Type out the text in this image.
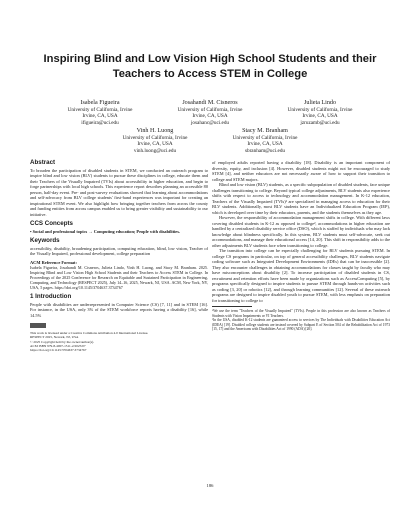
Inspiring Blind and Low Vision High School Students and their Teachers to Access STEM in College
Isabela Figueira
University of California, Irvine
Irvine, CA, USA
ifigueira@uci.edu
Josahandi M. Cisneros
University of California, Irvine
Irvine, CA, USA
josahanc@uci.edu
Julieta Lindo
University of California, Irvine
Irvine, CA, USA
jzruzamb@uci.edu
Vinh H. Luong
University of California, Irvine
Irvine, CA, USA
vinh.luong@uci.edu
Stacy M. Branham
University of California, Irvine
Irvine, CA, USA
sbranham@uci.edu
Abstract

To broaden the participation of disabled students in STEM, we conducted an outreach program to inspire blind and low vision (BLV) students to pursue these disciplines in college, educate them and their Teachers of the Visually Impaired (TVIs) about accessibility in higher education, and begin to forge partnerships with local high schools. This experience report describes planning an accessible 80 person, half-day event. Pre- and post-survey evaluations showed that learning about accommodations and self-advocacy from BLV college students' first-hand experiences was important for creating an inspirational STEM event. We also highlight how bringing together teachers from across the county and funding entities from across campus enabled us to bring greater visibility and sustainability to our initiative.

CCS Concepts

• Social and professional topics → Computing education; People with disabilities.

Keywords

accessibility, disability, broadening participation, computing education, blind, low vision, Teacher of the Visually Impaired, professional development, college preparation

ACM Reference Format:

Isabela Figueira, Josahandi M. Cisneros, Julieta Lindo, Vinh H. Luong, and Stacy M. Branham. 2025. Inspiring Blind and Low Vision High School Students and their Teachers to Access STEM in College. In Proceedings of the 2025 Conference for Research on Equitable and Sustained Participation in Engineering, Computing, and Technology (RESPECT 2025), July 14–16, 2025, Newark, NJ, USA. ACM, New York, NY, USA, 5 pages. https://doi.org/10.1145/3704637.3734767

1 Introduction

People with disabilities are underrepresented in Computer Science (CS) [7, 11] and in STEM [16]. For instance, in the USA, only 3% of the STEM workforce reports having a disability [16], while 14.5%

This work is licensed under a Creative Commons Attribution 4.0 International License.
RESPECT 2025, Newark, NJ, USA
© 2025 Copyright held by the owner/author(s).
ACM ISBN 979-8-4007-1511-2/2025/07
https://doi.org/10.1145/3704637.3734767

of employed adults reported having a disability [18]. Disability is an important component of diversity, equity, and inclusion [4]. However, disabled students might not be encouraged to study STEM [4], and neither educators are not necessarily aware of how to support their transition to college and STEM majors.

Blind and low vision (BLV) students, as a specific subpopulation of disabled students, face unique challenges transitioning to college. Beyond typical college adjustments, BLV students also experience shifts with respect to access to technology and accommodation management. In K-12 education, Teachers of the Visually Impaired (TVIs)¹ are specialized in managing access to education for their BLV students. Additionally, most BLV students have an Individualized Education Program (IEP), which is developed over time by their educators, parents, and the students themselves as they age.

However, the responsibility of accommodation management shifts in college. With different laws covering disabled students in K-12 as opposed to college², accommodations in higher education are handled by a centralized disability service office (DSO), which is staffed by individuals who may lack knowledge about blindness specifically. In this system, BLV students must self-advocate, seek out accommodations, and manage their educational access [14, 20]. This shift in responsibility adds to the other adjustments BLV students face when transitioning to college.

The transition into college can be especially challenging for BLV students pursuing STEM. In college CS programs in particular, on top of general accessibility challenges, BLV students navigate coding software such as Integrated Development Environments (IDEs) that can be inaccessible [2]. They also encounter challenges in obtaining accommodations for classes taught by faculty who may have misconceptions about disability [2]. To increase participation of disabled students in CS, recruitment and retention efforts have been made by organizations such as AccessComputing [5], by programs specifically designed to inspire students to pursue STEM through hands-on activities such as coding [3, 20] or robotics [12], and through learning communities [12]. Several of these outreach programs are designed to inspire disabled youth to pursue STEM, with less emphasis on preparation for transitioning to college to

¹We use the term "Teachers of the Visually Impaired" (TVIs). People in this profession are also known as Teachers of Students with Vision Impairments or VI Teachers.
²In the USA, disabled K-12 students are guaranteed access to services by The Individuals with Disabilities Education Act (IDEA) [19]. Disabled college students are instead covered by Subpart E of Section 504 of the Rehabilitation Act of 1973 [15, 17] and the Americans with Disabilities Act of 1990 (ADA) [20].
186
